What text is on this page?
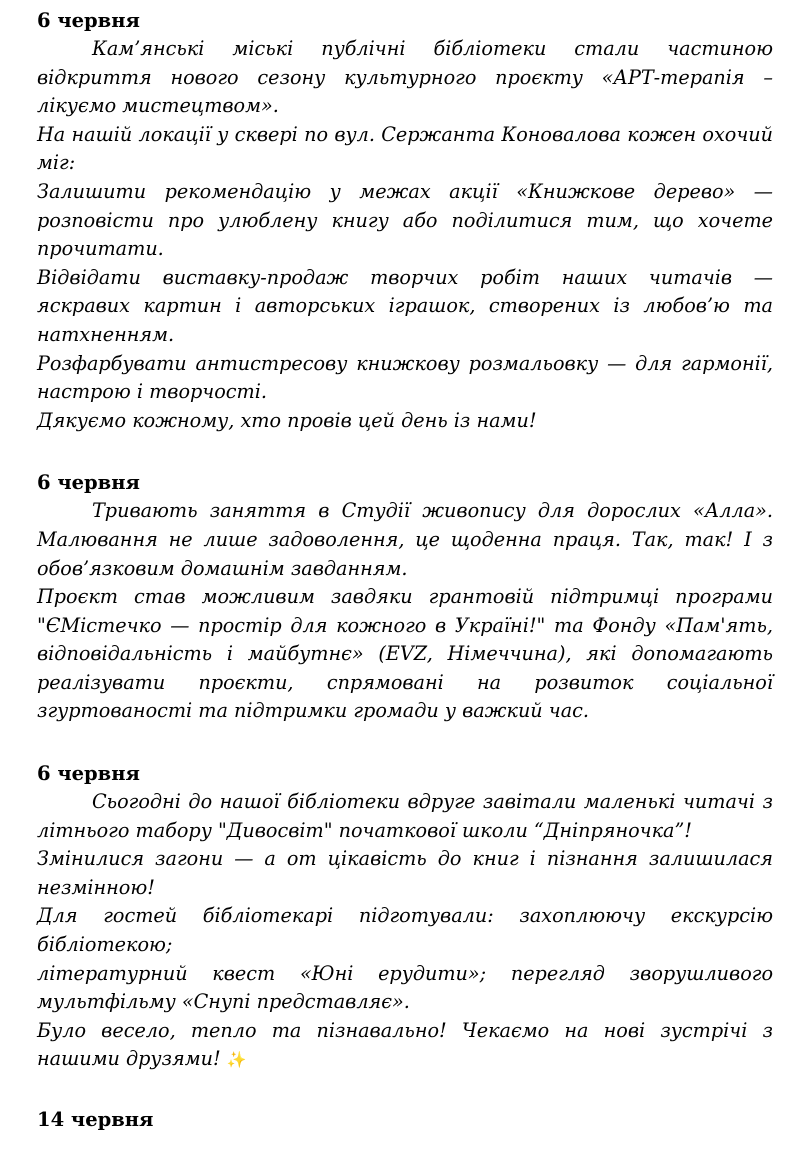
6 червня

Кам’янські міські публічні бібліотеки стали частиною відкриття нового сезону культурного проєкту «АРТ-терапія – лікуємо мистецтвом».

На нашій локації у сквері по вул. Сержанта Коновалова кожен охочий міг:

Залишити рекомендацію у межах акції «Книжкове дерево» — розповісти про улюблену книгу або поділитися тим, що хочете прочитати.

Відвідати виставку-продаж творчих робіт наших читачів — яскравих картин і авторських іграшок, створених із любов’ю та натхненням.

Розфарбувати антистресову книжкову розмальовку — для гармонії, настрою і творчості.

Дякуємо кожному, хто провів цей день із нами!

6 червня

Тривають заняття в Студії живопису для дорослих «Алла». Малювання не лише задоволення, це щоденна праця. Так, так! І з обов’язковим домашнім завданням.

Проєкт став можливим завдяки грантовій підтримці програми "ЄМістечко — простір для кожного в Україні!" та Фонду «Пам'ять, відповідальність і майбутнє» (EVZ, Німеччина), які допомагають реалізувати проєкти, спрямовані на розвиток соціальної згуртованості та підтримки громади у важкий час.

6 червня

Сьогодні до нашої бібліотеки вдруге завітали маленькі читачі з літнього табору "Дивосвіт" початкової школи “Дніпряночка”!

Змінилися загони — а от цікавість до книг і пізнання залишилася незмінною!

Для гостей бібліотекарі підготували: захоплюючу екскурсію бібліотекою;

літературний квест «Юні ерудити»; перегляд зворушливого мультфільму «Снупі представляє».

Було весело, тепло та пізнавально! Чекаємо на нові зустрічі з нашими друзями! ✨

14 червня
